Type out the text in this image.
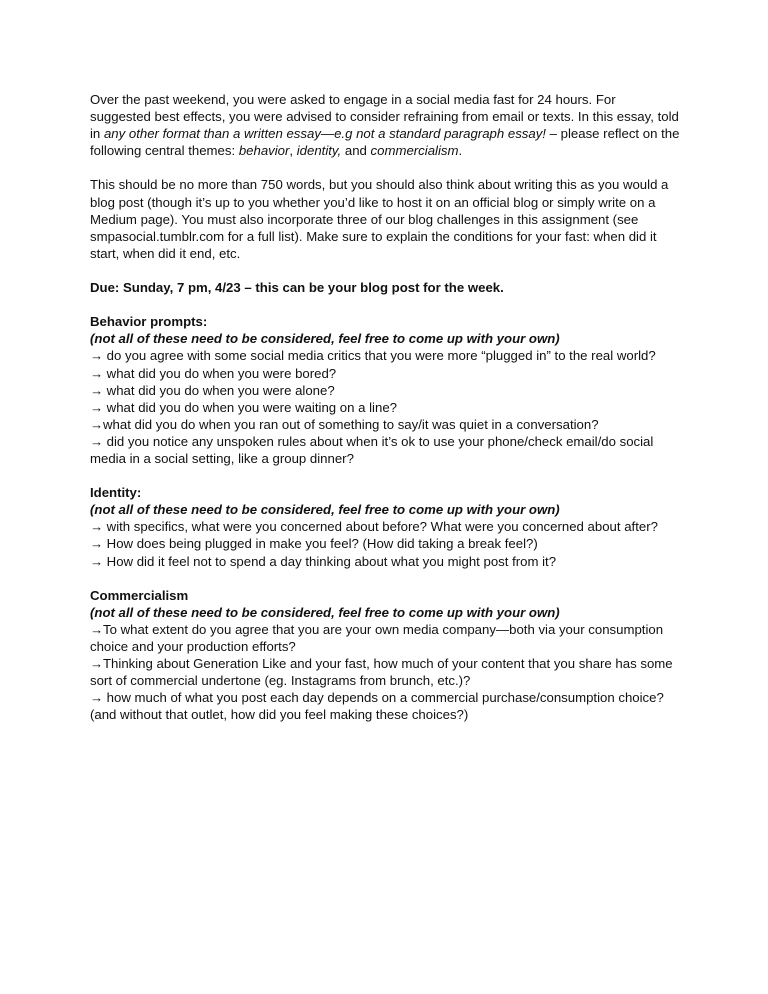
Over the past weekend, you were asked to engage in a social media fast for 24 hours. For suggested best effects, you were advised to consider refraining from email or texts. In this essay, told in any other format than a written essay—e.g not a standard paragraph essay! – please reflect on the following central themes: behavior, identity, and commercialism.

This should be no more than 750 words, but you should also think about writing this as you would a blog post (though it’s up to you whether you’d like to host it on an official blog or simply write on a Medium page). You must also incorporate three of our blog challenges in this assignment (see smpasocial.tumblr.com for a full list). Make sure to explain the conditions for your fast: when did it start, when did it end, etc.

Due: Sunday, 7 pm, 4/23 – this can be your blog post for the week.

Behavior prompts:

(not all of these need to be considered, feel free to come up with your own)

→ do you agree with some social media critics that you were more “plugged in” to the real world?

→ what did you do when you were bored?

→ what did you do when you were alone?

→ what did you do when you were waiting on a line?

→what did you do when you ran out of something to say/it was quiet in a conversation?

→ did you notice any unspoken rules about when it’s ok to use your phone/check email/do social media in a social setting, like a group dinner?

Identity:

(not all of these need to be considered, feel free to come up with your own)

→ with specifics, what were you concerned about before? What were you concerned about after?

→ How does being plugged in make you feel? (How did taking a break feel?)

→ How did it feel not to spend a day thinking about what you might post from it?

Commercialism

(not all of these need to be considered, feel free to come up with your own)

→To what extent do you agree that you are your own media company—both via your consumption choice and your production efforts?

→Thinking about Generation Like and your fast, how much of your content that you share has some sort of commercial undertone (eg. Instagrams from brunch, etc.)?

→ how much of what you post each day depends on a commercial purchase/consumption choice? (and without that outlet, how did you feel making these choices?)
